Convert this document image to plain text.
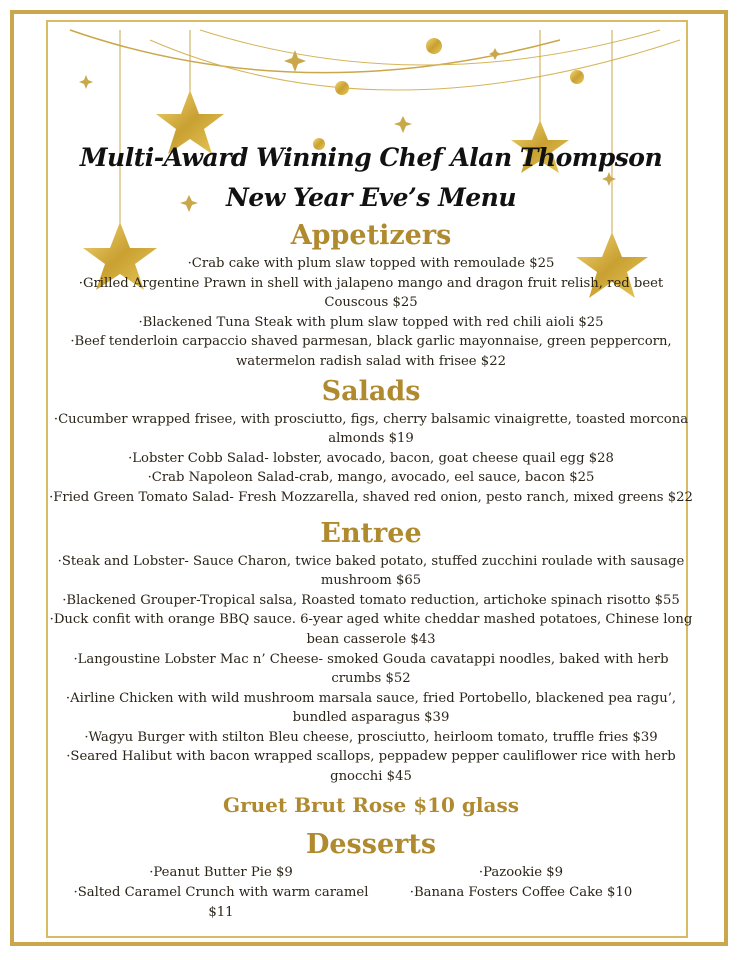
Multi-Award Winning Chef Alan Thompson
New Year Eve’s Menu
Appetizers
·Crab cake with plum slaw topped with remoulade $25
·Grilled Argentine Prawn in shell with jalapeno mango and dragon fruit relish, red beet Couscous $25
·Blackened Tuna Steak with plum slaw topped with red chili aioli $25
·Beef tenderloin carpaccio shaved parmesan, black garlic mayonnaise, green peppercorn, watermelon radish salad with frisee $22
Salads
·Cucumber wrapped frisee, with prosciutto, figs, cherry balsamic vinaigrette, toasted morcona almonds $19
·Lobster Cobb Salad- lobster, avocado, bacon, goat cheese quail egg $28
·Crab Napoleon Salad-crab, mango, avocado, eel sauce, bacon $25
·Fried Green Tomato Salad- Fresh Mozzarella, shaved red onion, pesto ranch, mixed greens $22
Entree
·Steak and Lobster- Sauce Charon, twice baked potato, stuffed zucchini roulade with sausage mushroom $65
·Blackened Grouper-Tropical salsa, Roasted tomato reduction, artichoke spinach risotto $55
·Duck confit with orange BBQ sauce. 6-year aged white cheddar mashed potatoes, Chinese long bean casserole $43
·Langoustine Lobster Mac n’ Cheese- smoked Gouda cavatappi noodles, baked with herb crumbs $52
·Airline Chicken with wild mushroom marsala sauce, fried Portobello, blackened pea ragu’, bundled asparagus $39
·Wagyu Burger with stilton Bleu cheese, prosciutto, heirloom tomato, truffle fries $39
·Seared Halibut with bacon wrapped scallops, peppadew pepper cauliflower rice with herb gnocchi $45
Gruet Brut Rose $10 glass
Desserts
·Peanut Butter Pie $9
·Salted Caramel Crunch with warm caramel $11
·Pazookie $9
·Banana Fosters Coffee Cake $10
